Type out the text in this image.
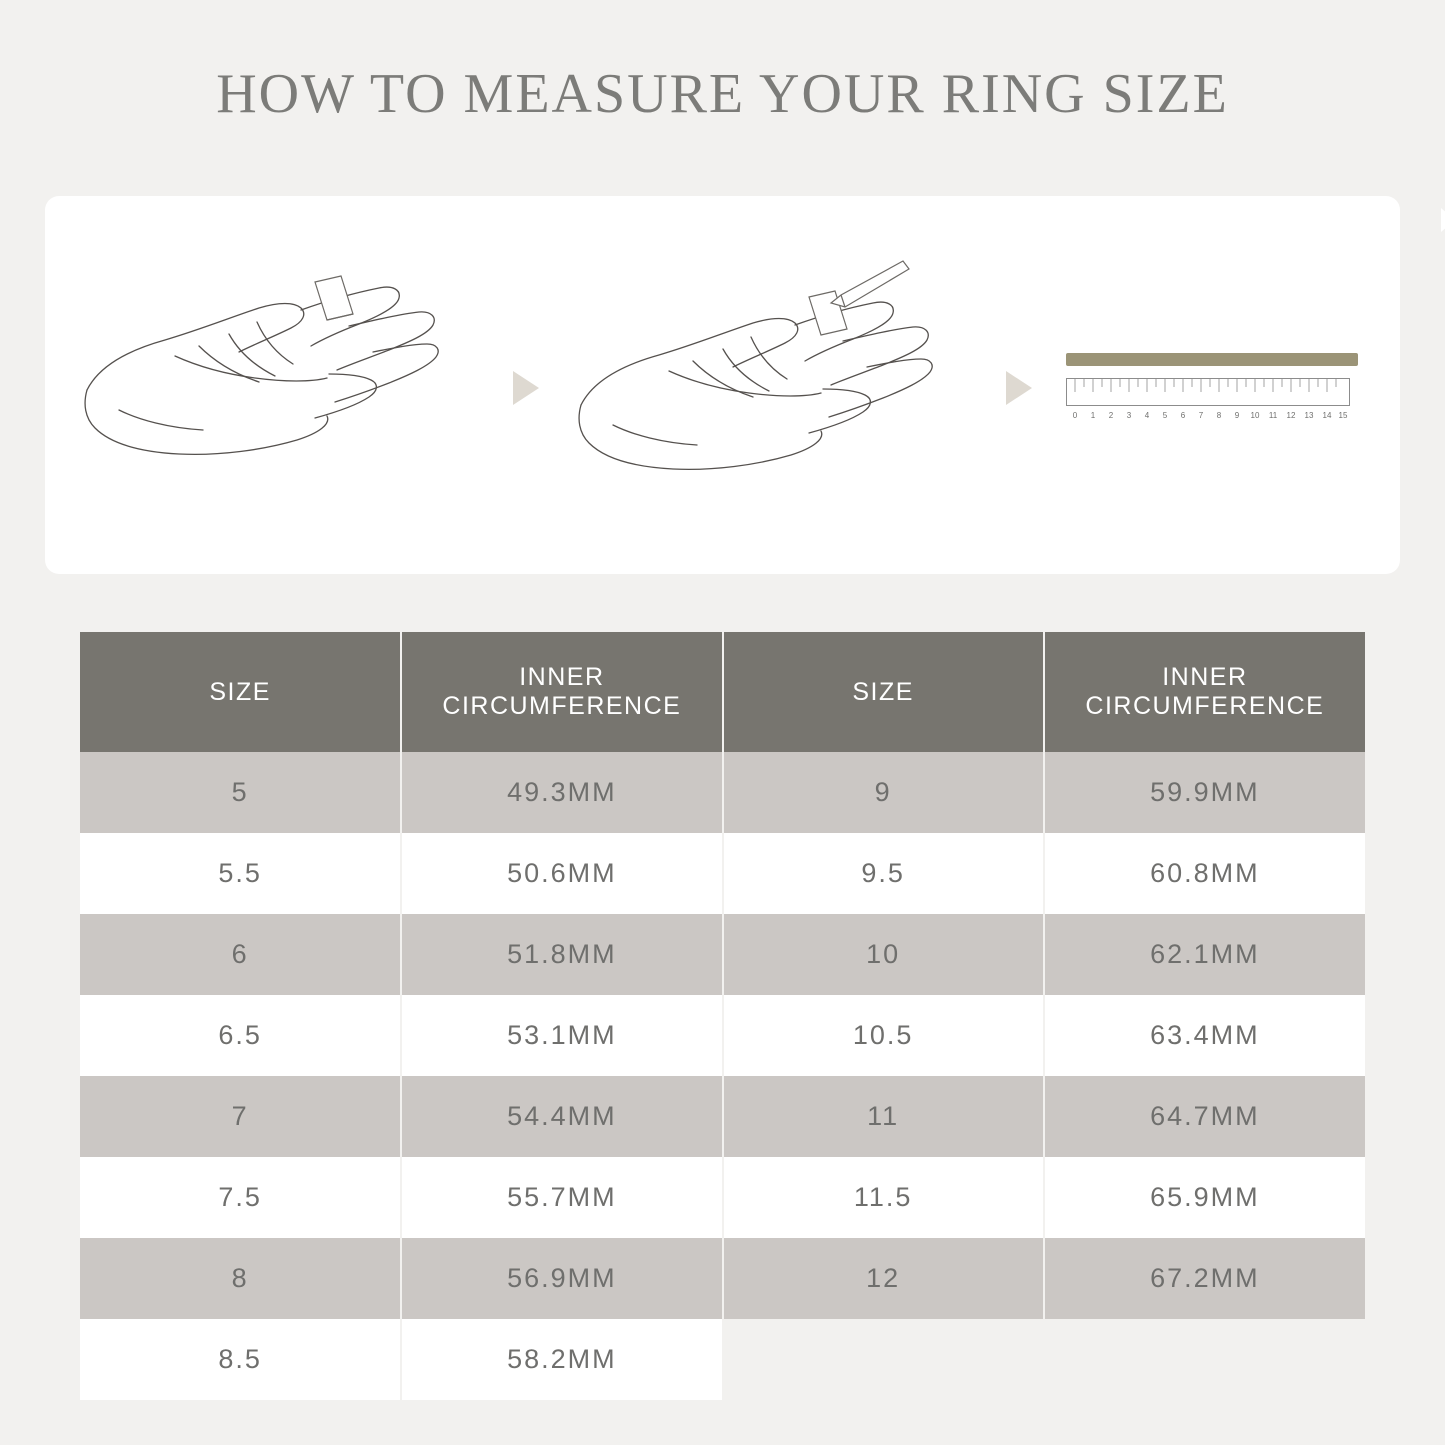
HOW TO MEASURE YOUR RING SIZE
0 1 2 3 4 5 6 7 8 9 10 11 12 13 14 15
SIZE	INNER CIRCUMFERENCE	SIZE	INNER CIRCUMFERENCE
5	49.3MM	9	59.9MM
5.5	50.6MM	9.5	60.8MM
6	51.8MM	10	62.1MM
6.5	53.1MM	10.5	63.4MM
7	54.4MM	11	64.7MM
7.5	55.7MM	11.5	65.9MM
8	56.9MM	12	67.2MM
8.5	58.2MM		
